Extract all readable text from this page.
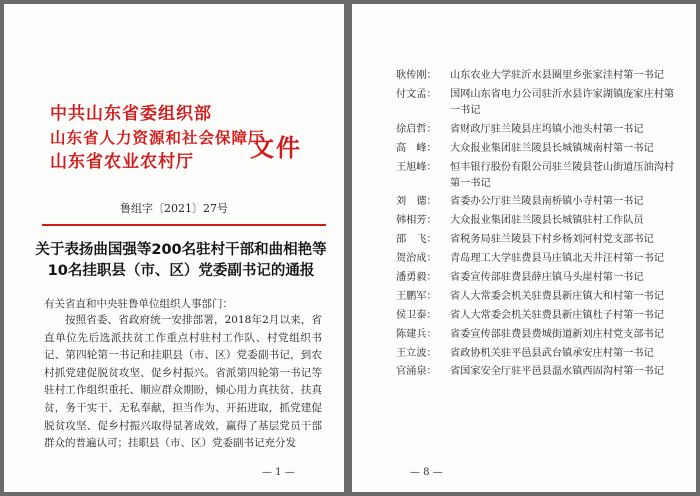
中共山东省委组织部
山东省人力资源和社会保障厅
山东省农业农村厅	文件
鲁组字〔2021〕27号
关于表扬曲国强等200名驻村干部和曲相艳等
10名挂职县（市、区）党委副书记的通报
有关省直和中央驻鲁单位组织人事部门：
按照省委、省政府统一安排部署，2018年2月以来，省直单位先后选派扶贫工作重点村驻村工作队、村党组织书记、第四轮第一书记和挂职县（市、区）党委副书记，到农村抓党建促脱贫攻坚、促乡村振兴。省派第四轮第一书记等驻村工作组织重托、顺应群众期盼，倾心用力真扶贫、扶真贫，务干实干、无私奉献，担当作为、开拓进取，抓党建促脱贫攻坚、促乡村振兴取得显著成效，赢得了基层党员干部群众的普遍认可；挂职县（市、区）党委副书记充分发
— 1 —
耿传刚：	山东农业大学驻沂水县圈里乡张家洼村第一书记
付文孟：	国网山东省电力公司驻沂水县许家湖镇庞家庄村第一书记
徐启哲：	省财政厅驻兰陵县庄坞镇小池头村第一书记
高　峰：	大众报业集团驻兰陵县长城镇城南村第一书记
王旭峰：	恒丰银行股份有限公司驻兰陵县苍山街道压油沟村第一书记
刘　德：	省委办公厅驻兰陵县南桥镇小寺村第一书记
韩相芳：	大众报业集团驻兰陵县长城镇驻村工作队员
邵　飞：	省税务局驻兰陵县下村乡杨刘河村党支部书记
贺治成：	青岛理工大学驻费县马庄镇北天井汪村第一书记
潘勇毅：	省委宣传部驻费县薛庄镇马头崖村第一书记
王鹏军：	省人大常委会机关驻费县新庄镇大和村第一书记
侯卫泰：	省人大常委会机关驻费县新庄镇杜子村第一书记
陈建兵：	省委宣传部驻费县费城街道新刘庄村党支部书记
王立波：	省政协机关驻平邑县武台镇承安庄村第一书记
官涌泉：	省国家安全厅驻平邑县温水镇西固沟村第一书记
— 8 —
